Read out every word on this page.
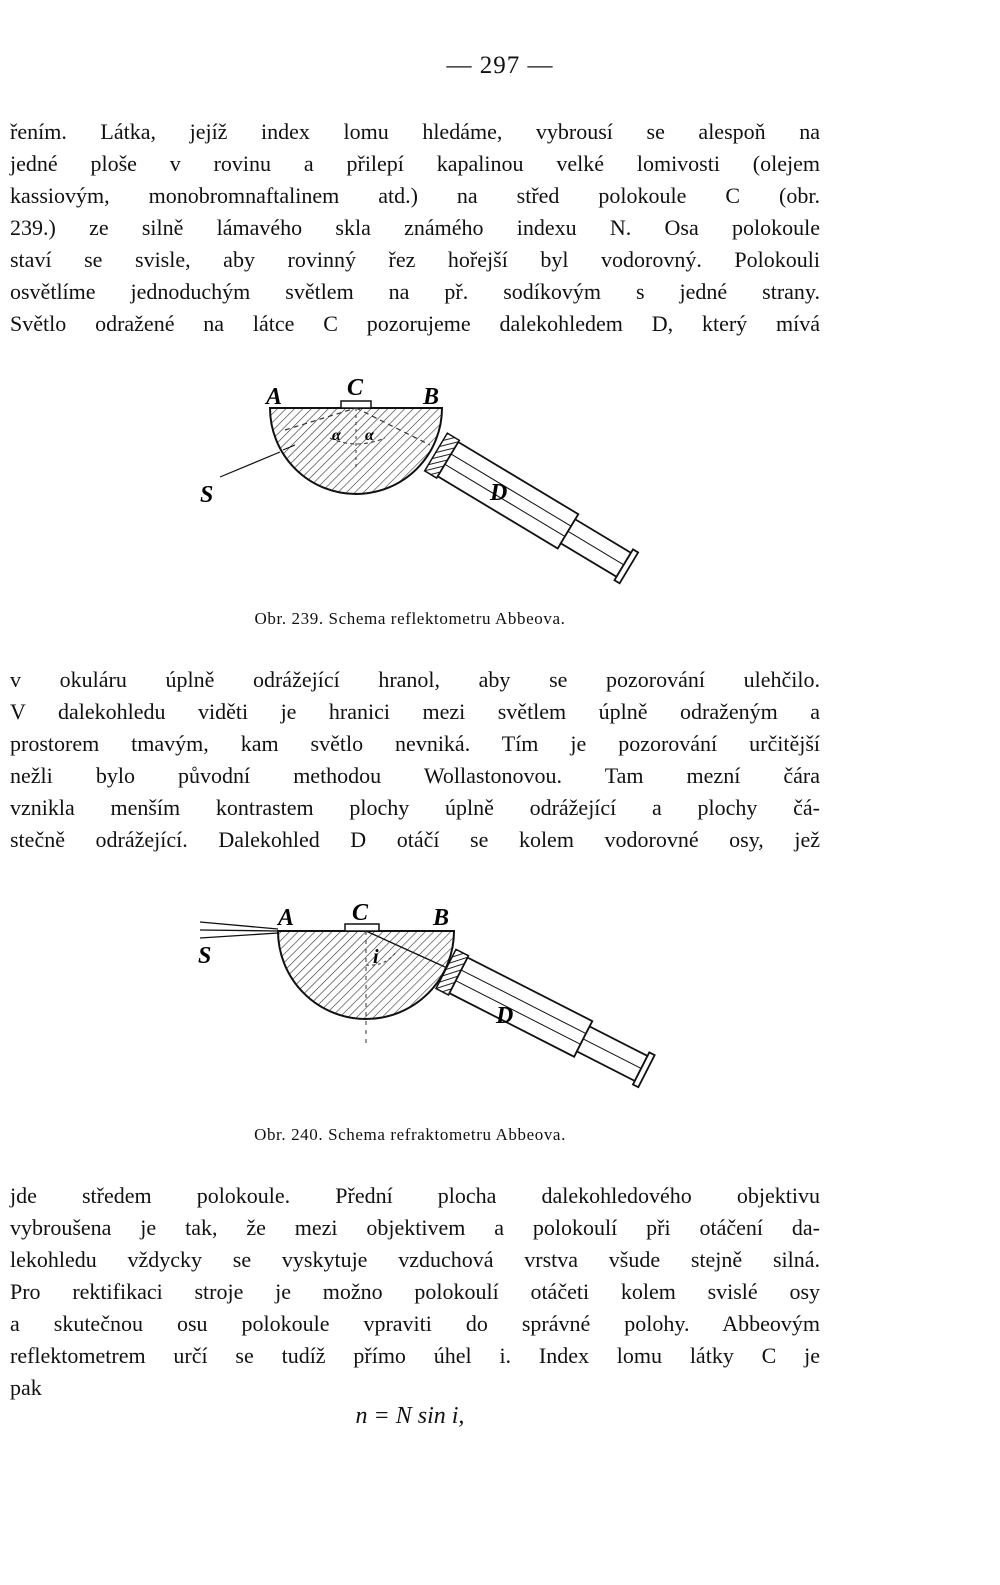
— 297 —
řením. Látka, jejíž index lomu hledáme, vybrousí se alespoň na
jedné ploše v rovinu a přilepí kapalinou velké lomivosti (olejem
kassiovým, monobromnaftalinem atd.) na střed polokoule C (obr.
239.) ze silně lámavého skla známého indexu N. Osa polokoule
staví se svisle, aby rovinný řez hořejší byl vodorovný. Polokouli
osvětlíme jednoduchým světlem na př. sodíkovým s jedné strany.
Světlo odražené na látce C pozorujeme dalekohledem D, který mívá
A	C B
S	D
α α
Obr. 239. Schema reflektometru Abbeova.
v okuláru úplně odrážející hranol, aby se pozorování ulehčilo.
V dalekohledu viděti je hranici mezi světlem úplně odraženým a
prostorem tmavým, kam světlo nevniká. Tím je pozorování určitější
nežli bylo původní methodou Wollastonovou. Tam mezní čára
vznikla menším kontrastem plochy úplně odrážející a plochy čá-
stečně odrážející. Dalekohled D otáčí se kolem vodorovné osy, jež
A C	B
S
D
i
Obr. 240. Schema refraktometru Abbeova.
jde středem polokoule. Přední plocha dalekohledového objektivu
vybroušena je tak, že mezi objektivem a polokoulí při otáčení da-
lekohledu vždycky se vyskytuje vzduchová vrstva všude stejně silná.
Pro rektifikaci stroje je možno polokoulí otáčeti kolem svislé osy
a skutečnou osu polokoule vpraviti do správné polohy. Abbeovým
reflektometrem určí se tudíž přímo úhel i. Index lomu látky C je
pak
n = N sin i,
